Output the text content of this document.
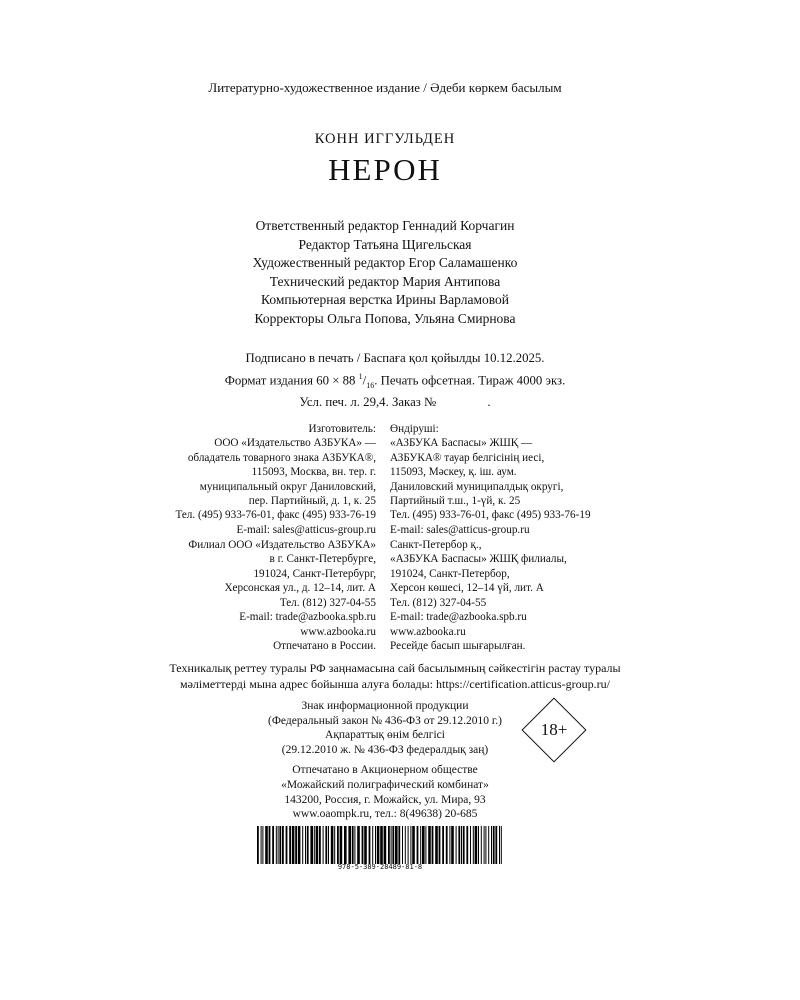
Литературно-художественное издание / Әдеби көркем басылым
КОНН ИГГУЛЬДЕН
НЕРОН
Ответственный редактор Геннадий Корчагин
Редактор Татьяна Щигельская
Художественный редактор Егор Саламашенко
Технический редактор Мария Антипова
Компьютерная верстка Ирины Варламовой
Корректоры Ольга Попова, Ульяна Смирнова
Подписано в печать / Баспаға қол қойылды 10.12.2025.
Формат издания 60 × 88 $^1/_{16}$. Печать офсетная. Тираж 4000 экз.
Усл. печ. л. 29,4. Заказ №                .
Изготовитель:
ООО «Издательство АЗБУКА» —
обладатель товарного знака АЗБУКА®,
115093, Москва, вн. тер. г.
муниципальный округ Даниловский,
пер. Партийный, д. 1, к. 25
Тел. (495) 933-76-01, факс (495) 933-76-19
E-mail: sales@atticus-group.ru
Өндіруші:
«АЗБУКА Баспасы» ЖШҚ —
АЗБУКА® тауар белгісінің иесі,
115093, Мәскеу, қ. іш. аум.
Даниловский муниципалдық округі,
Партийный т.ш., 1-үй, к. 25
Тел. (495) 933-76-01, факс (495) 933-76-19
E-mail: sales@atticus-group.ru
Филиал ООО «Издательство АЗБУКА»
в г. Санкт-Петербурге,
191024, Санкт-Петербург,
Херсонская ул., д. 12–14, лит. А
Тел. (812) 327-04-55
E-mail: trade@azbooka.spb.ru
Санкт-Петербор қ.,
«АЗБУКА Баспасы» ЖШҚ филиалы,
191024, Санкт-Петербор,
Херсон көшесі, 12–14 үй, лит. А
Тел. (812) 327-04-55
E-mail: trade@azbooka.spb.ru
www.azbooka.ru
Отпечатано в России.
www.azbooka.ru
Ресейде басып шығарылған.
Техникалық реттеу туралы РФ заңнамасына сай басылымның сәйкестігін растау туралы
мәліметтерді мына адрес бойынша алуға болады: https://certification.atticus-group.ru/
Знак информационной продукции
(Федеральный закон № 436-ФЗ от 29.12.2010 г.)
Ақпараттық өнім белгісі
(29.12.2010 ж. № 436-ФЗ федералдық заң)
18+
Отпечатано в Акционерном обществе
«Можайский полиграфический комбинат»
143200, Россия, г. Можайск, ул. Мира, 93
www.oaompk.ru, тел.: 8(49638) 20-685
978-5-389-28489-81-8
